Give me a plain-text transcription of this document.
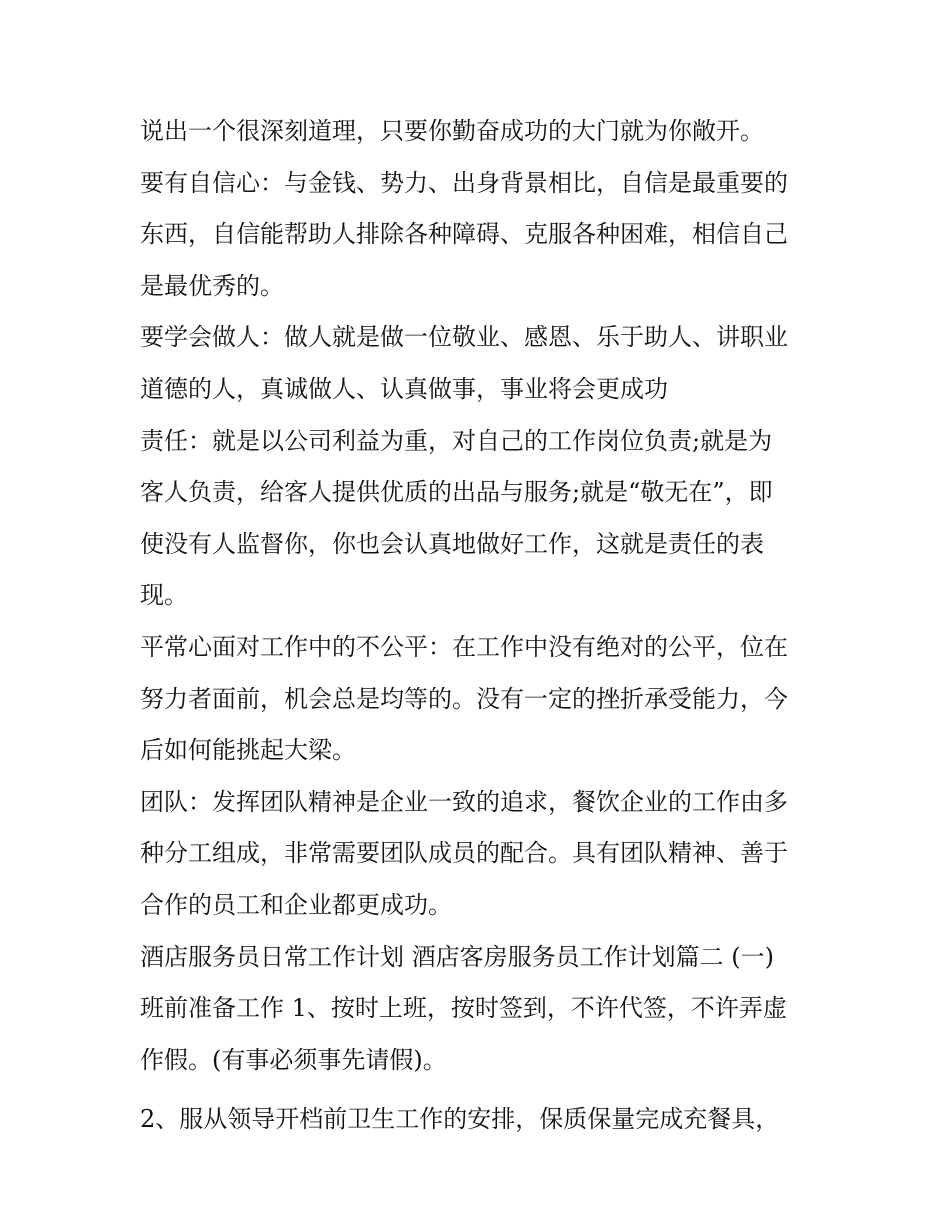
说出一个很深刻道理，只要你勤奋成功的大门就为你敞开。
要有自信心：与金钱、势力、出身背景相比，自信是最重要的
东西，自信能帮助人排除各种障碍、克服各种困难，相信自己
是最优秀的。
要学会做人：做人就是做一位敬业、感恩、乐于助人、讲职业
道德的人，真诚做人、认真做事，事业将会更成功
责任：就是以公司利益为重，对自己的工作岗位负责;就是为
客人负责，给客人提供优质的出品与服务;就是“敬无在”，即
使没有人监督你，你也会认真地做好工作，这就是责任的表
现。
平常心面对工作中的不公平：在工作中没有绝对的公平，位在
努力者面前，机会总是均等的。没有一定的挫折承受能力，今
后如何能挑起大梁。
团队：发挥团队精神是企业一致的追求，餐饮企业的工作由多
种分工组成，非常需要团队成员的配合。具有团队精神、善于
合作的员工和企业都更成功。
酒店服务员日常工作计划 酒店客房服务员工作计划篇二 (一)
班前准备工作 1、按时上班，按时签到，不许代签，不许弄虚
作假。(有事必须事先请假)。
2、服从领导开档前卫生工作的安排，保质保量完成充餐具，
